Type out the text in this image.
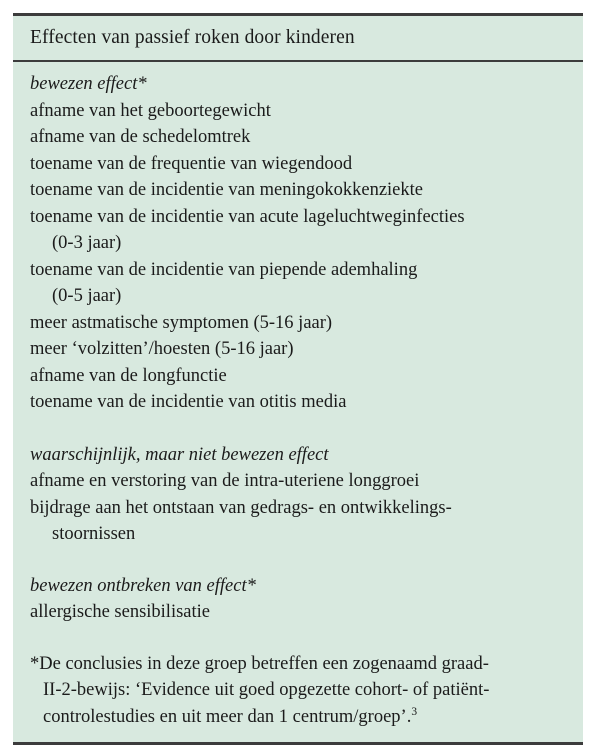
Effecten van passief roken door kinderen
bewezen effect*
afname van het geboortegewicht
afname van de schedelomtrek
toename van de frequentie van wiegendood
toename van de incidentie van meningokokkenziekte
toename van de incidentie van acute lageluchtweginfecties
(0-3 jaar)
toename van de incidentie van piepende ademhaling
(0-5 jaar)
meer astmatische symptomen (5-16 jaar)
meer ‘volzitten’/hoesten (5-16 jaar)
afname van de longfunctie
toename van de incidentie van otitis media
waarschijnlijk, maar niet bewezen effect
afname en verstoring van de intra-uteriene longgroei
bijdrage aan het ontstaan van gedrags- en ontwikkelings-
stoornissen
bewezen ontbreken van effect*
allergische sensibilisatie
*De conclusies in deze groep betreffen een zogenaamd graad-
II-2-bewijs: ‘Evidence uit goed opgezette cohort- of patiënt-
controlestudies en uit meer dan 1 centrum/groep’.$^3$
